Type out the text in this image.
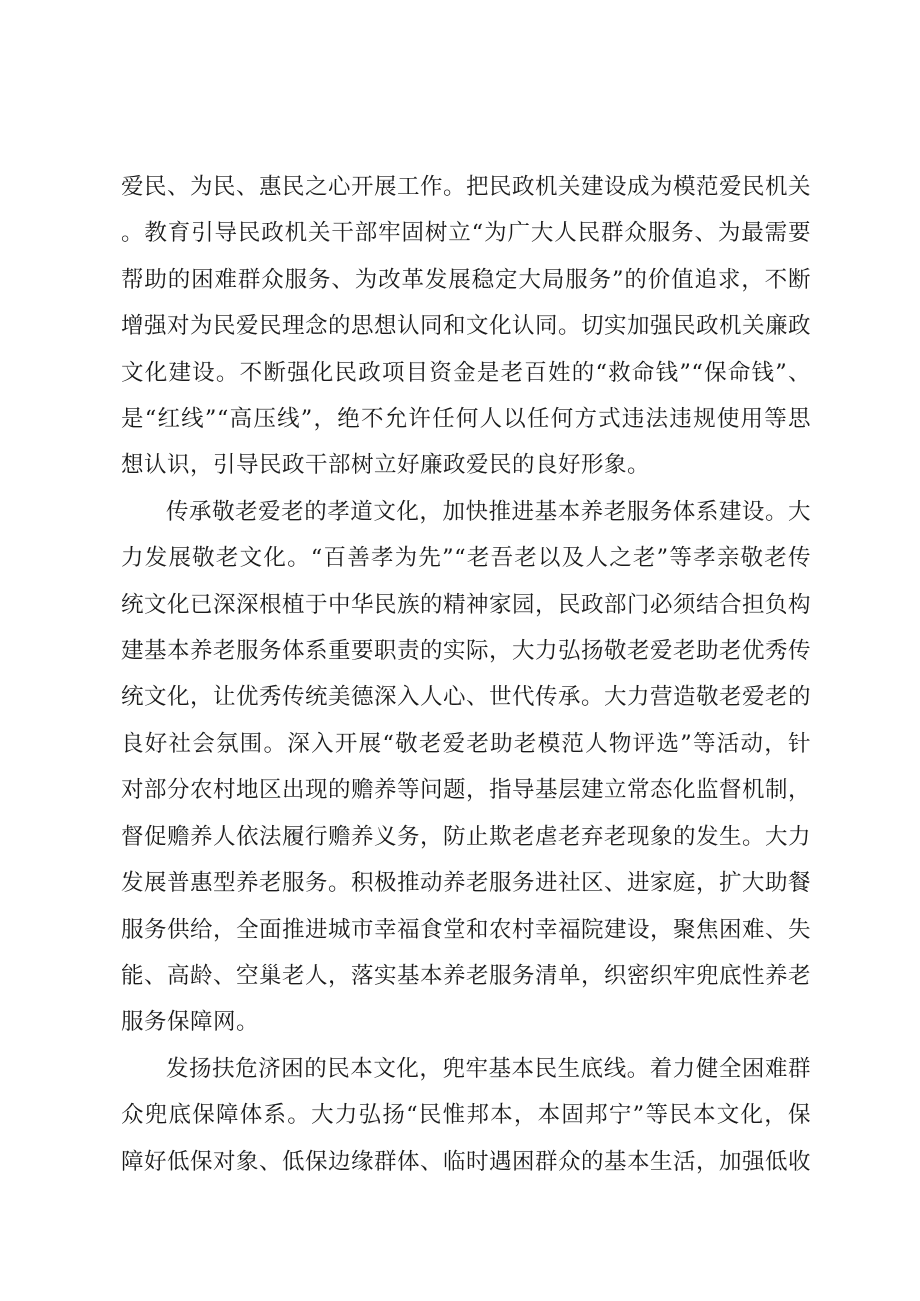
爱民、为民、惠民之心开展工作。把民政机关建设成为模范爱民机关。教育引导民政机关干部牢固树立“为广大人民群众服务、为最需要帮助的困难群众服务、为改革发展稳定大局服务”的价值追求，不断增强对为民爱民理念的思想认同和文化认同。切实加强民政机关廉政文化建设。不断强化民政项目资金是老百姓的“救命钱”“保命钱”、是“红线”“高压线”，绝不允许任何人以任何方式违法违规使用等思想认识，引导民政干部树立好廉政爱民的良好形象。

传承敬老爱老的孝道文化，加快推进基本养老服务体系建设。大力发展敬老文化。“百善孝为先”“老吾老以及人之老”等孝亲敬老传统文化已深深根植于中华民族的精神家园，民政部门必须结合担负构建基本养老服务体系重要职责的实际，大力弘扬敬老爱老助老优秀传统文化，让优秀传统美德深入人心、世代传承。大力营造敬老爱老的良好社会氛围。深入开展“敬老爱老助老模范人物评选”等活动，针对部分农村地区出现的赡养等问题，指导基层建立常态化监督机制，督促赡养人依法履行赡养义务，防止欺老虐老弃老现象的发生。大力发展普惠型养老服务。积极推动养老服务进社区、进家庭，扩大助餐服务供给，全面推进城市幸福食堂和农村幸福院建设，聚焦困难、失能、高龄、空巢老人，落实基本养老服务清单，织密织牢兜底性养老服务保障网。

发扬扶危济困的民本文化，兜牢基本民生底线。着力健全困难群众兜底保障体系。大力弘扬“民惟邦本，本固邦宁”等民本文化，保障好低保对象、低保边缘群体、临时遇困群众的基本生活，加强低收
